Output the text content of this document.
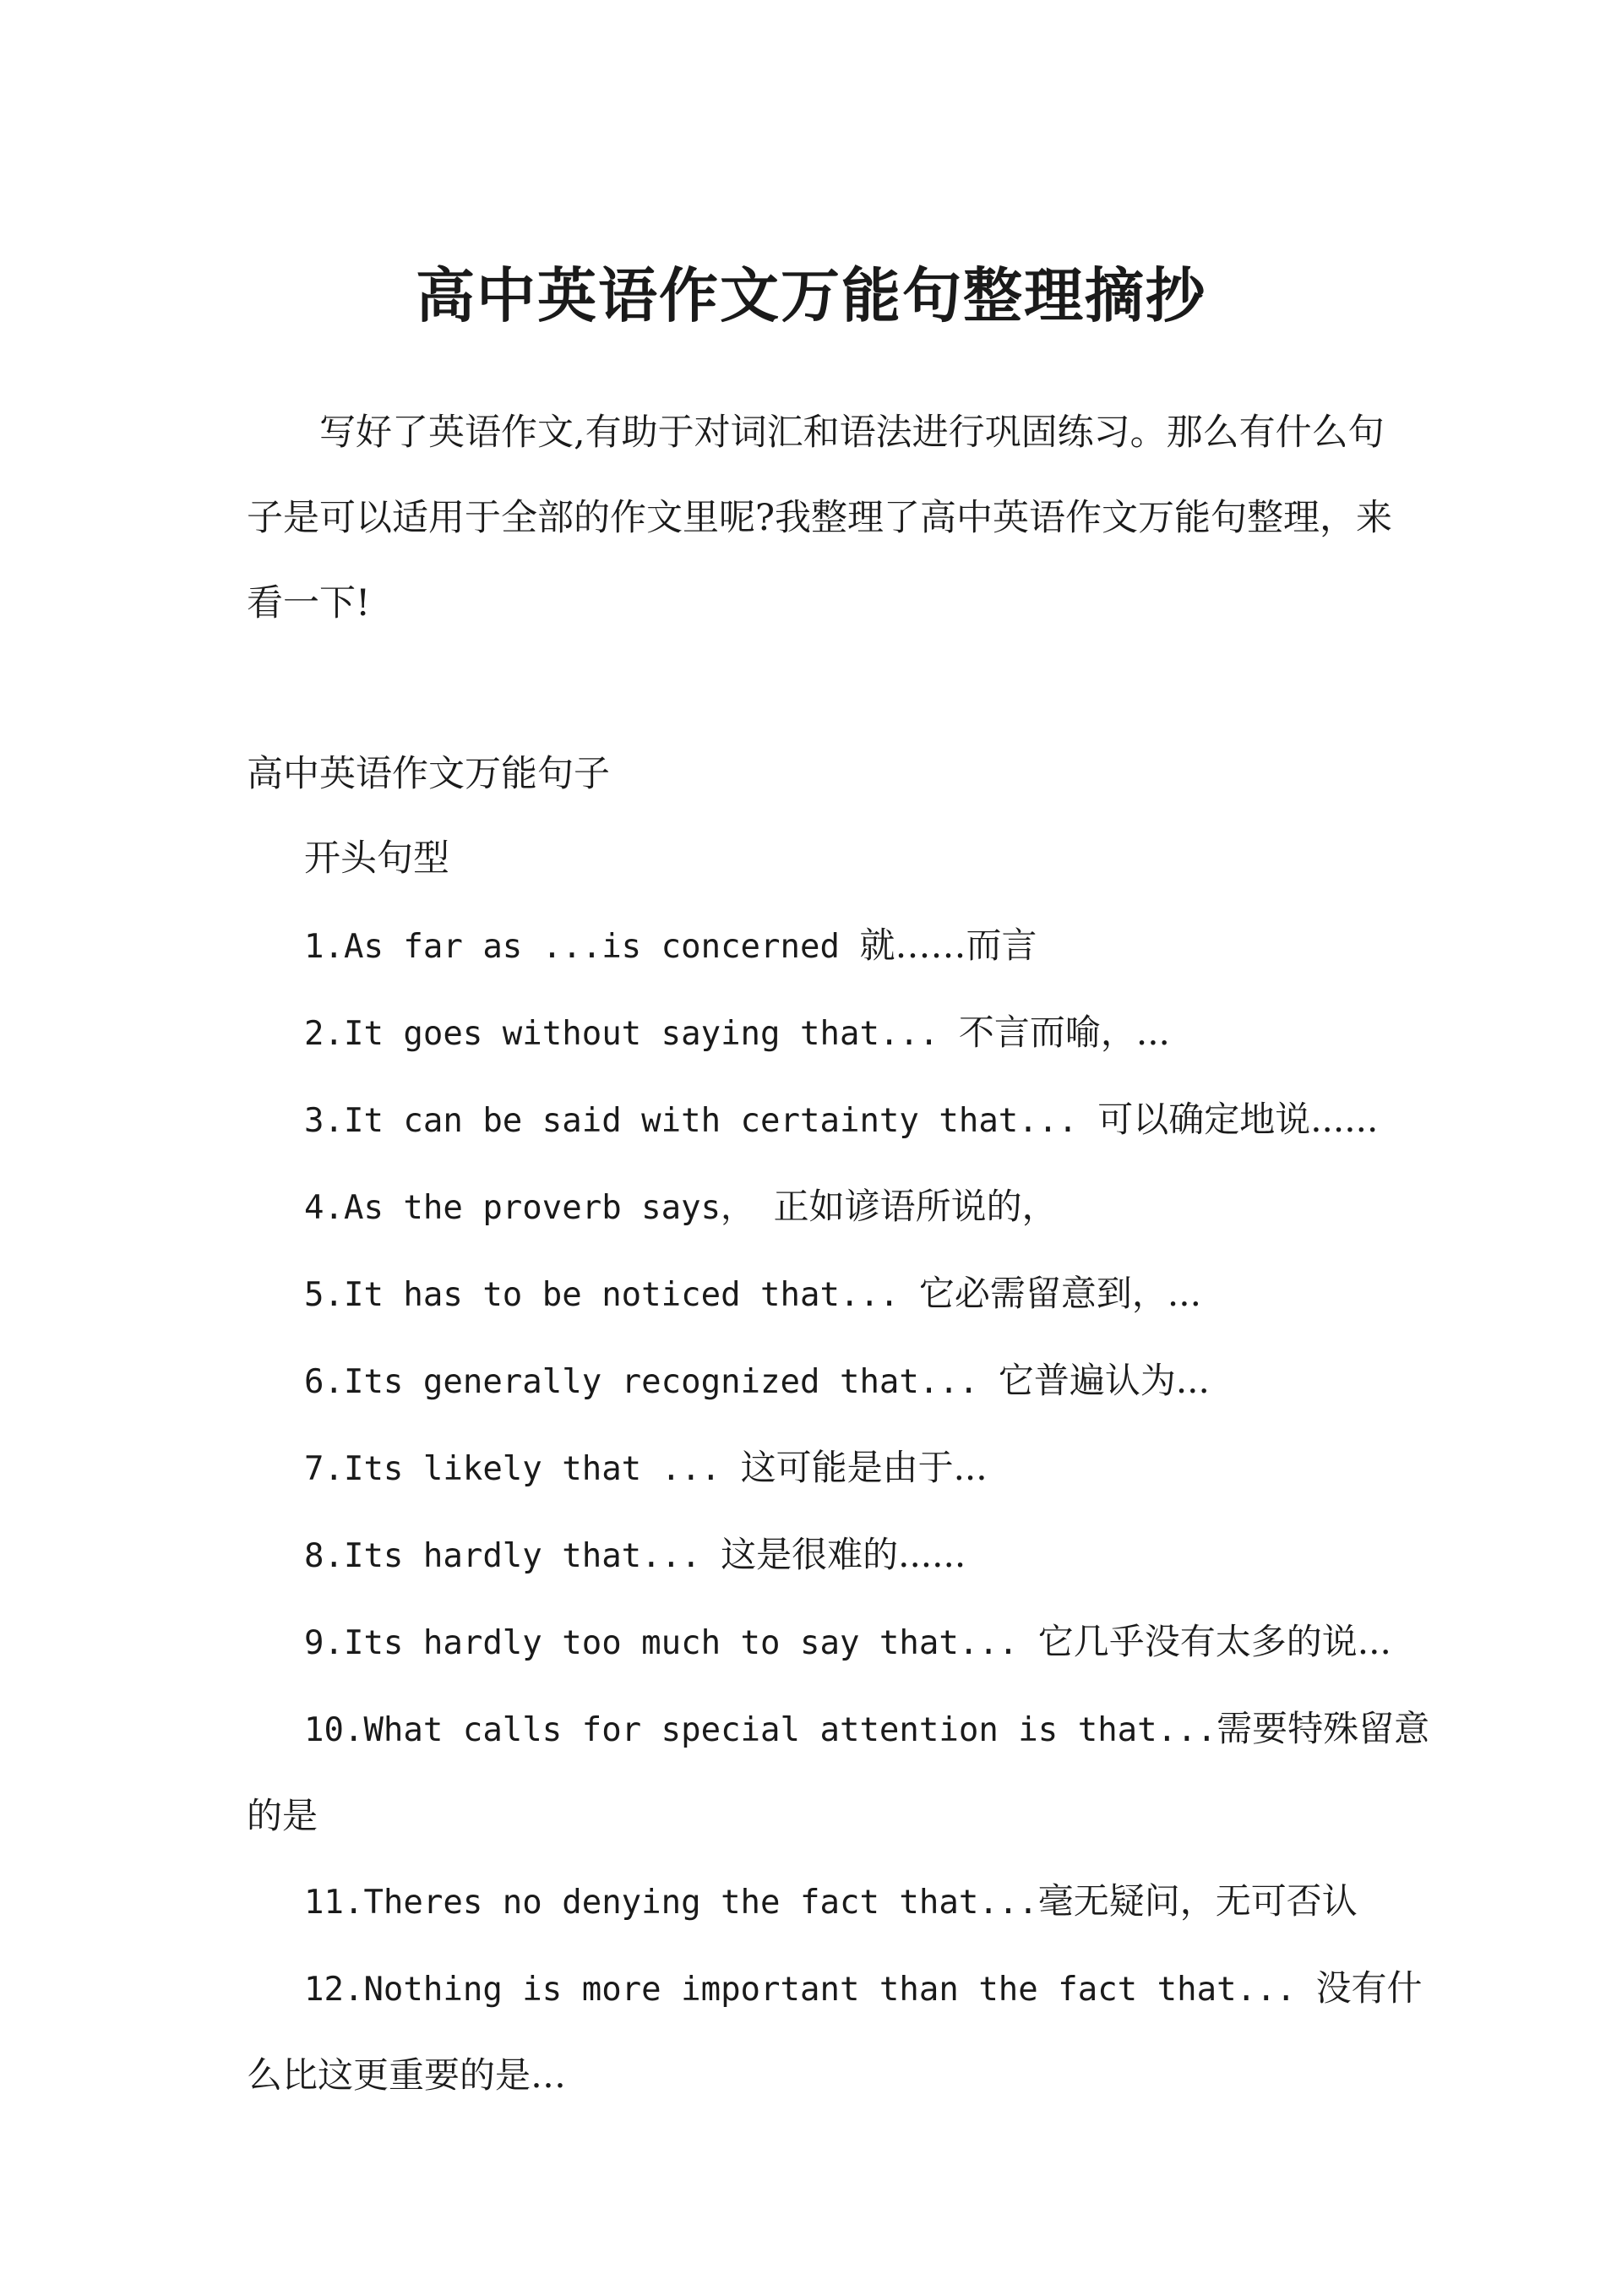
高中英语作文万能句整理摘抄
写好了英语作文,有助于对词汇和语法进行巩固练习。那么有什么句子是可以适用于全部的作文里呢?我整理了高中英语作文万能句整理，来看一下!
高中英语作文万能句子
开头句型
1.As far as ...is concerned 就……而言
2.It goes without saying that... 不言而喻，...
3.It can be said with certainty that... 可以确定地说......
4.As the proverb says， 正如谚语所说的，
5.It has to be noticed that... 它必需留意到，...
6.Its generally recognized that... 它普遍认为...
7.Its likely that ... 这可能是由于...
8.Its hardly that... 这是很难的......
9.Its hardly too much to say that... 它几乎没有太多的说...
10.What calls for special attention is that...需要特殊留意的是
11.Theres no denying the fact that...毫无疑问，无可否认
12.Nothing is more important than the fact that... 没有什么比这更重要的是…
